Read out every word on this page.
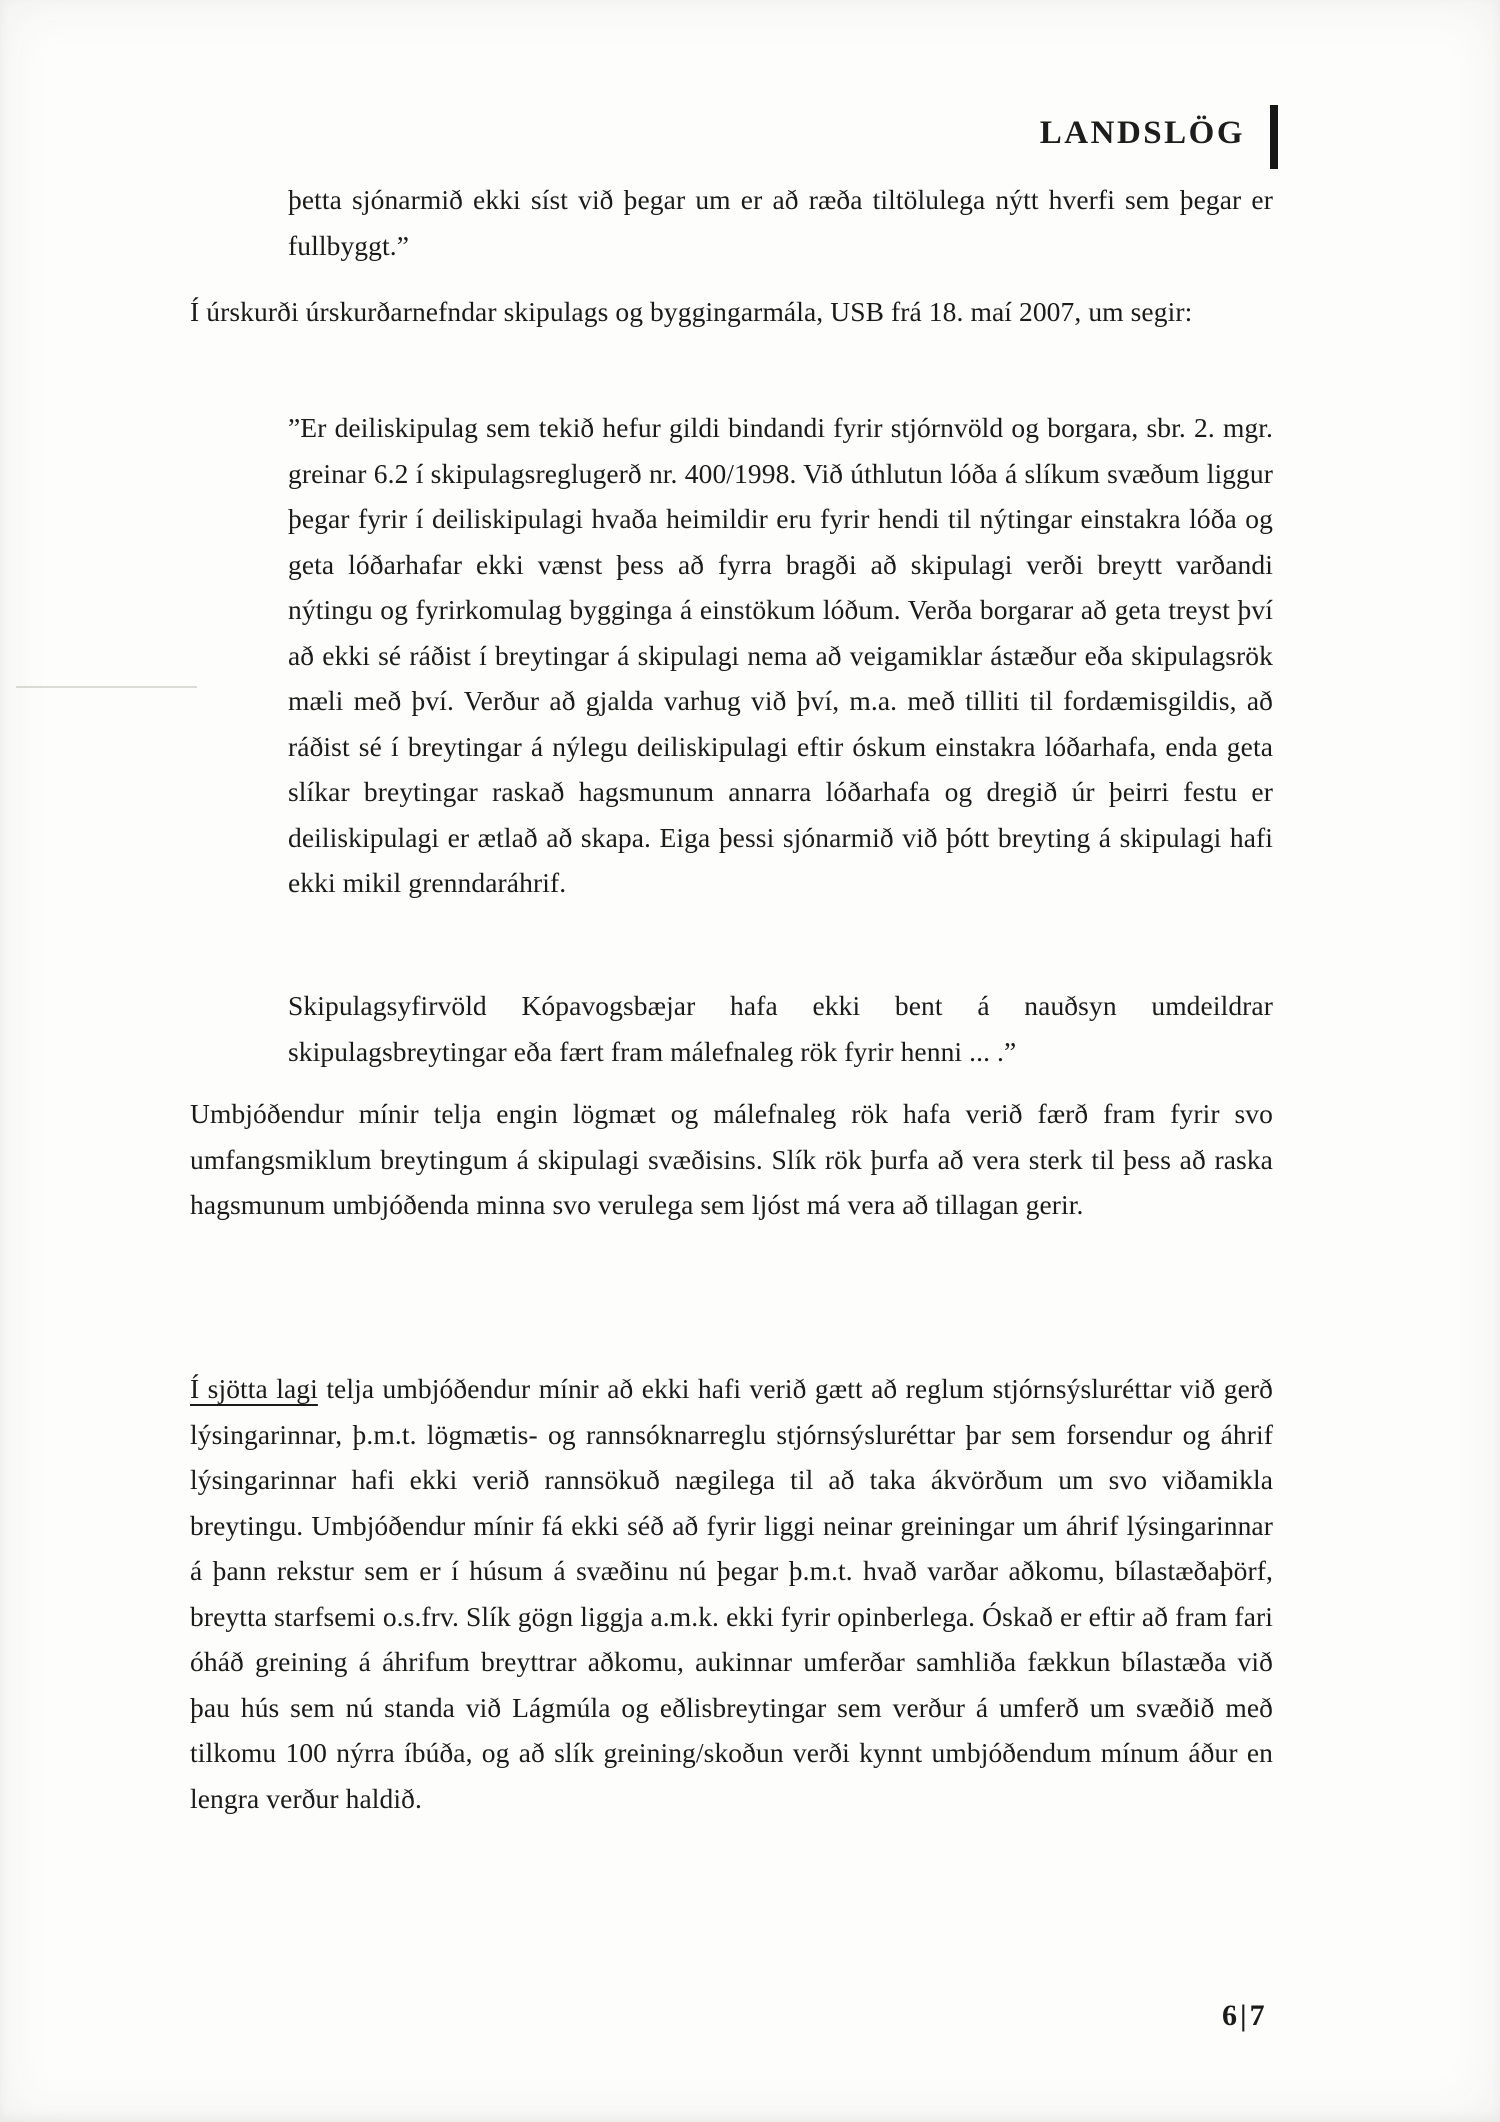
LANDSLÖG

þetta sjónarmið ekki síst við þegar um er að ræða tiltölulega nýtt hverfi sem þegar er fullbyggt.”

Í úrskurði úrskurðarnefndar skipulags og byggingarmála, USB frá 18. maí 2007, um segir:

”Er deiliskipulag sem tekið hefur gildi bindandi fyrir stjórnvöld og borgara, sbr. 2. mgr. greinar 6.2 í skipulagsreglugerð nr. 400/1998. Við úthlutun lóða á slíkum svæðum liggur þegar fyrir í deiliskipulagi hvaða heimildir eru fyrir hendi til nýtingar einstakra lóða og geta lóðarhafar ekki vænst þess að fyrra bragði að skipulagi verði breytt varðandi nýtingu og fyrirkomulag bygginga á einstökum lóðum. Verða borgarar að geta treyst því að ekki sé ráðist í breytingar á skipulagi nema að veigamiklar ástæður eða skipulagsrök mæli með því. Verður að gjalda varhug við því, m.a. með tilliti til fordæmisgildis, að ráðist sé í breytingar á nýlegu deiliskipulagi eftir óskum einstakra lóðarhafa, enda geta slíkar breytingar raskað hagsmunum annarra lóðarhafa og dregið úr þeirri festu er deiliskipulagi er ætlað að skapa. Eiga þessi sjónarmið við þótt breyting á skipulagi hafi ekki mikil grenndaráhrif.

Skipulagsyfirvöld Kópavogsbæjar hafa ekki bent á nauðsyn umdeildrar skipulagsbreytingar eða fært fram málefnaleg rök fyrir henni ... .”

Umbjóðendur mínir telja engin lögmæt og málefnaleg rök hafa verið færð fram fyrir svo umfangsmiklum breytingum á skipulagi svæðisins. Slík rök þurfa að vera sterk til þess að raska hagsmunum umbjóðenda minna svo verulega sem ljóst má vera að tillagan gerir.

Í sjötta lagi telja umbjóðendur mínir að ekki hafi verið gætt að reglum stjórnsýsluréttar við gerð lýsingarinnar, þ.m.t. lögmætis- og rannsóknarreglu stjórnsýsluréttar þar sem forsendur og áhrif lýsingarinnar hafi ekki verið rannsökuð nægilega til að taka ákvörðum um svo viðamikla breytingu. Umbjóðendur mínir fá ekki séð að fyrir liggi neinar greiningar um áhrif lýsingarinnar á þann rekstur sem er í húsum á svæðinu nú þegar þ.m.t. hvað varðar aðkomu, bílastæðaþörf, breytta starfsemi o.s.frv. Slík gögn liggja a.m.k. ekki fyrir opinberlega. Óskað er eftir að fram fari óháð greining á áhrifum breyttrar aðkomu, aukinnar umferðar samhliða fækkun bílastæða við þau hús sem nú standa við Lágmúla og eðlisbreytingar sem verður á umferð um svæðið með tilkomu 100 nýrra íbúða, og að slík greining/skoðun verði kynnt umbjóðendum mínum áður en lengra verður haldið.

6|7
